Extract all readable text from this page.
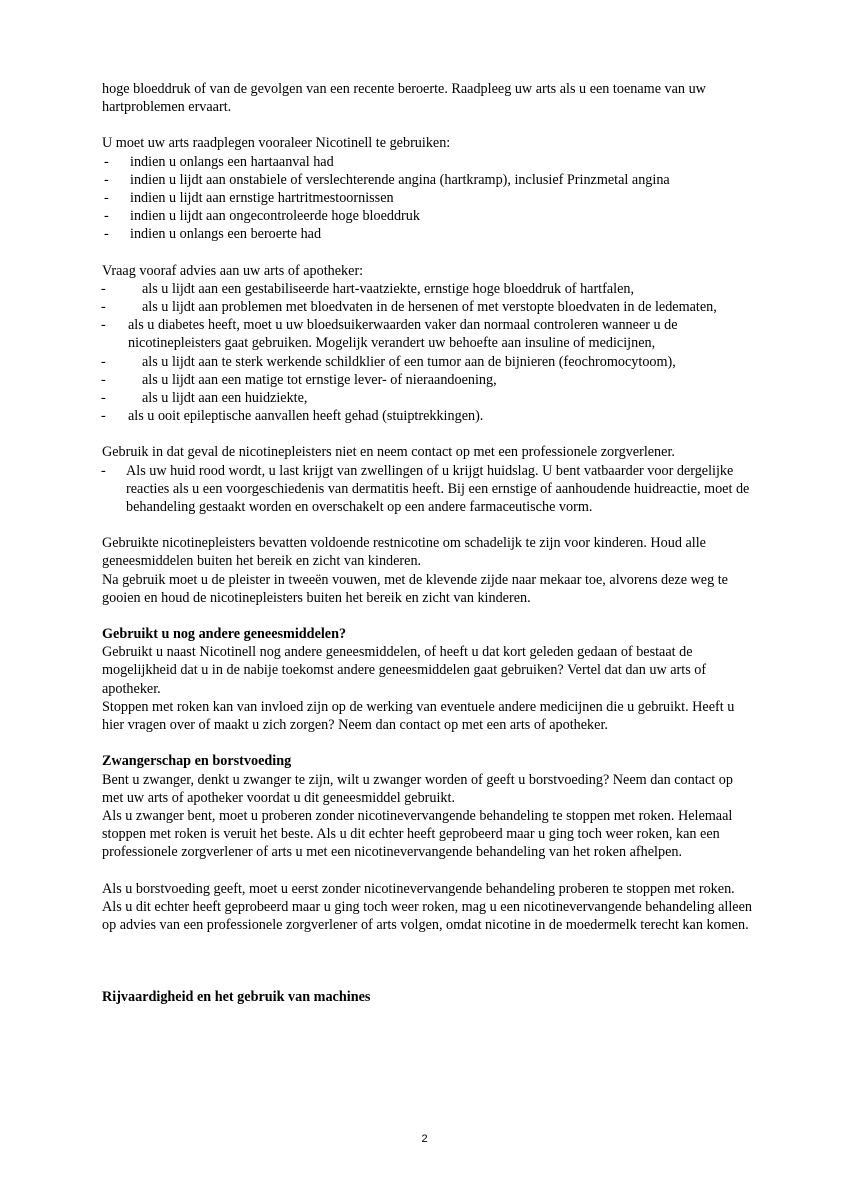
hoge bloeddruk of van de gevolgen van een recente beroerte. Raadpleeg uw arts als u een toename van uw hartproblemen ervaart.

U moet uw arts raadplegen vooraleer Nicotinell te gebruiken:

- indien u onlangs een hartaanval had
- indien u lijdt aan onstabiele of verslechterende angina (hartkramp), inclusief Prinzmetal angina
- indien u lijdt aan ernstige hartritmestoornissen
- indien u lijdt aan ongecontroleerde hoge bloeddruk
- indien u onlangs een beroerte had

Vraag vooraf advies aan uw arts of apotheker:

- als u lijdt aan een gestabiliseerde hart-vaatziekte, ernstige hoge bloeddruk of hartfalen,
- als u lijdt aan problemen met bloedvaten in de hersenen of met verstopte bloedvaten in de ledematen,
- als u diabetes heeft, moet u uw bloedsuikerwaarden vaker dan normaal controleren wanneer u de nicotinepleisters gaat gebruiken. Mogelijk verandert uw behoefte aan insuline of medicijnen,
- als u lijdt aan te sterk werkende schildklier of een tumor aan de bijnieren (feochromocytoom),
- als u lijdt aan een matige tot ernstige lever- of nieraandoening,
- als u lijdt aan een huidziekte,
- als u ooit epileptische aanvallen heeft gehad (stuiptrekkingen).

Gebruik in dat geval de nicotinepleisters niet en neem contact op met een professionele zorgverlener.

- Als uw huid rood wordt, u last krijgt van zwellingen of u krijgt huidslag. U bent vatbaarder voor dergelijke reacties als u een voorgeschiedenis van dermatitis heeft. Bij een ernstige of aanhoudende huidreactie, moet de behandeling gestaakt worden en overschakelt op een andere farmaceutische vorm.

Gebruikte nicotinepleisters bevatten voldoende restnicotine om schadelijk te zijn voor kinderen. Houd alle geneesmiddelen buiten het bereik en zicht van kinderen.

Na gebruik moet u de pleister in tweeën vouwen, met de klevende zijde naar mekaar toe, alvorens deze weg te gooien en houd de nicotinepleisters buiten het bereik en zicht van kinderen.

Gebruikt u nog andere geneesmiddelen?

Gebruikt u naast Nicotinell nog andere geneesmiddelen, of heeft u dat kort geleden gedaan of bestaat de mogelijkheid dat u in de nabije toekomst andere geneesmiddelen gaat gebruiken? Vertel dat dan uw arts of apotheker.

Stoppen met roken kan van invloed zijn op de werking van eventuele andere medicijnen die u gebruikt. Heeft u hier vragen over of maakt u zich zorgen? Neem dan contact op met een arts of apotheker.

Zwangerschap en borstvoeding

Bent u zwanger, denkt u zwanger te zijn, wilt u zwanger worden of geeft u borstvoeding? Neem dan contact op met uw arts of apotheker voordat u dit geneesmiddel gebruikt.

Als u zwanger bent, moet u proberen zonder nicotinevervangende behandeling te stoppen met roken. Helemaal stoppen met roken is veruit het beste. Als u dit echter heeft geprobeerd maar u ging toch weer roken, kan een professionele zorgverlener of arts u met een nicotinevervangende behandeling van het roken afhelpen.

Als u borstvoeding geeft, moet u eerst zonder nicotinevervangende behandeling proberen te stoppen met roken. Als u dit echter heeft geprobeerd maar u ging toch weer roken, mag u een nicotinevervangende behandeling alleen op advies van een professionele zorgverlener of arts volgen, omdat nicotine in de moedermelk terecht kan komen.

Rijvaardigheid en het gebruik van machines

2
